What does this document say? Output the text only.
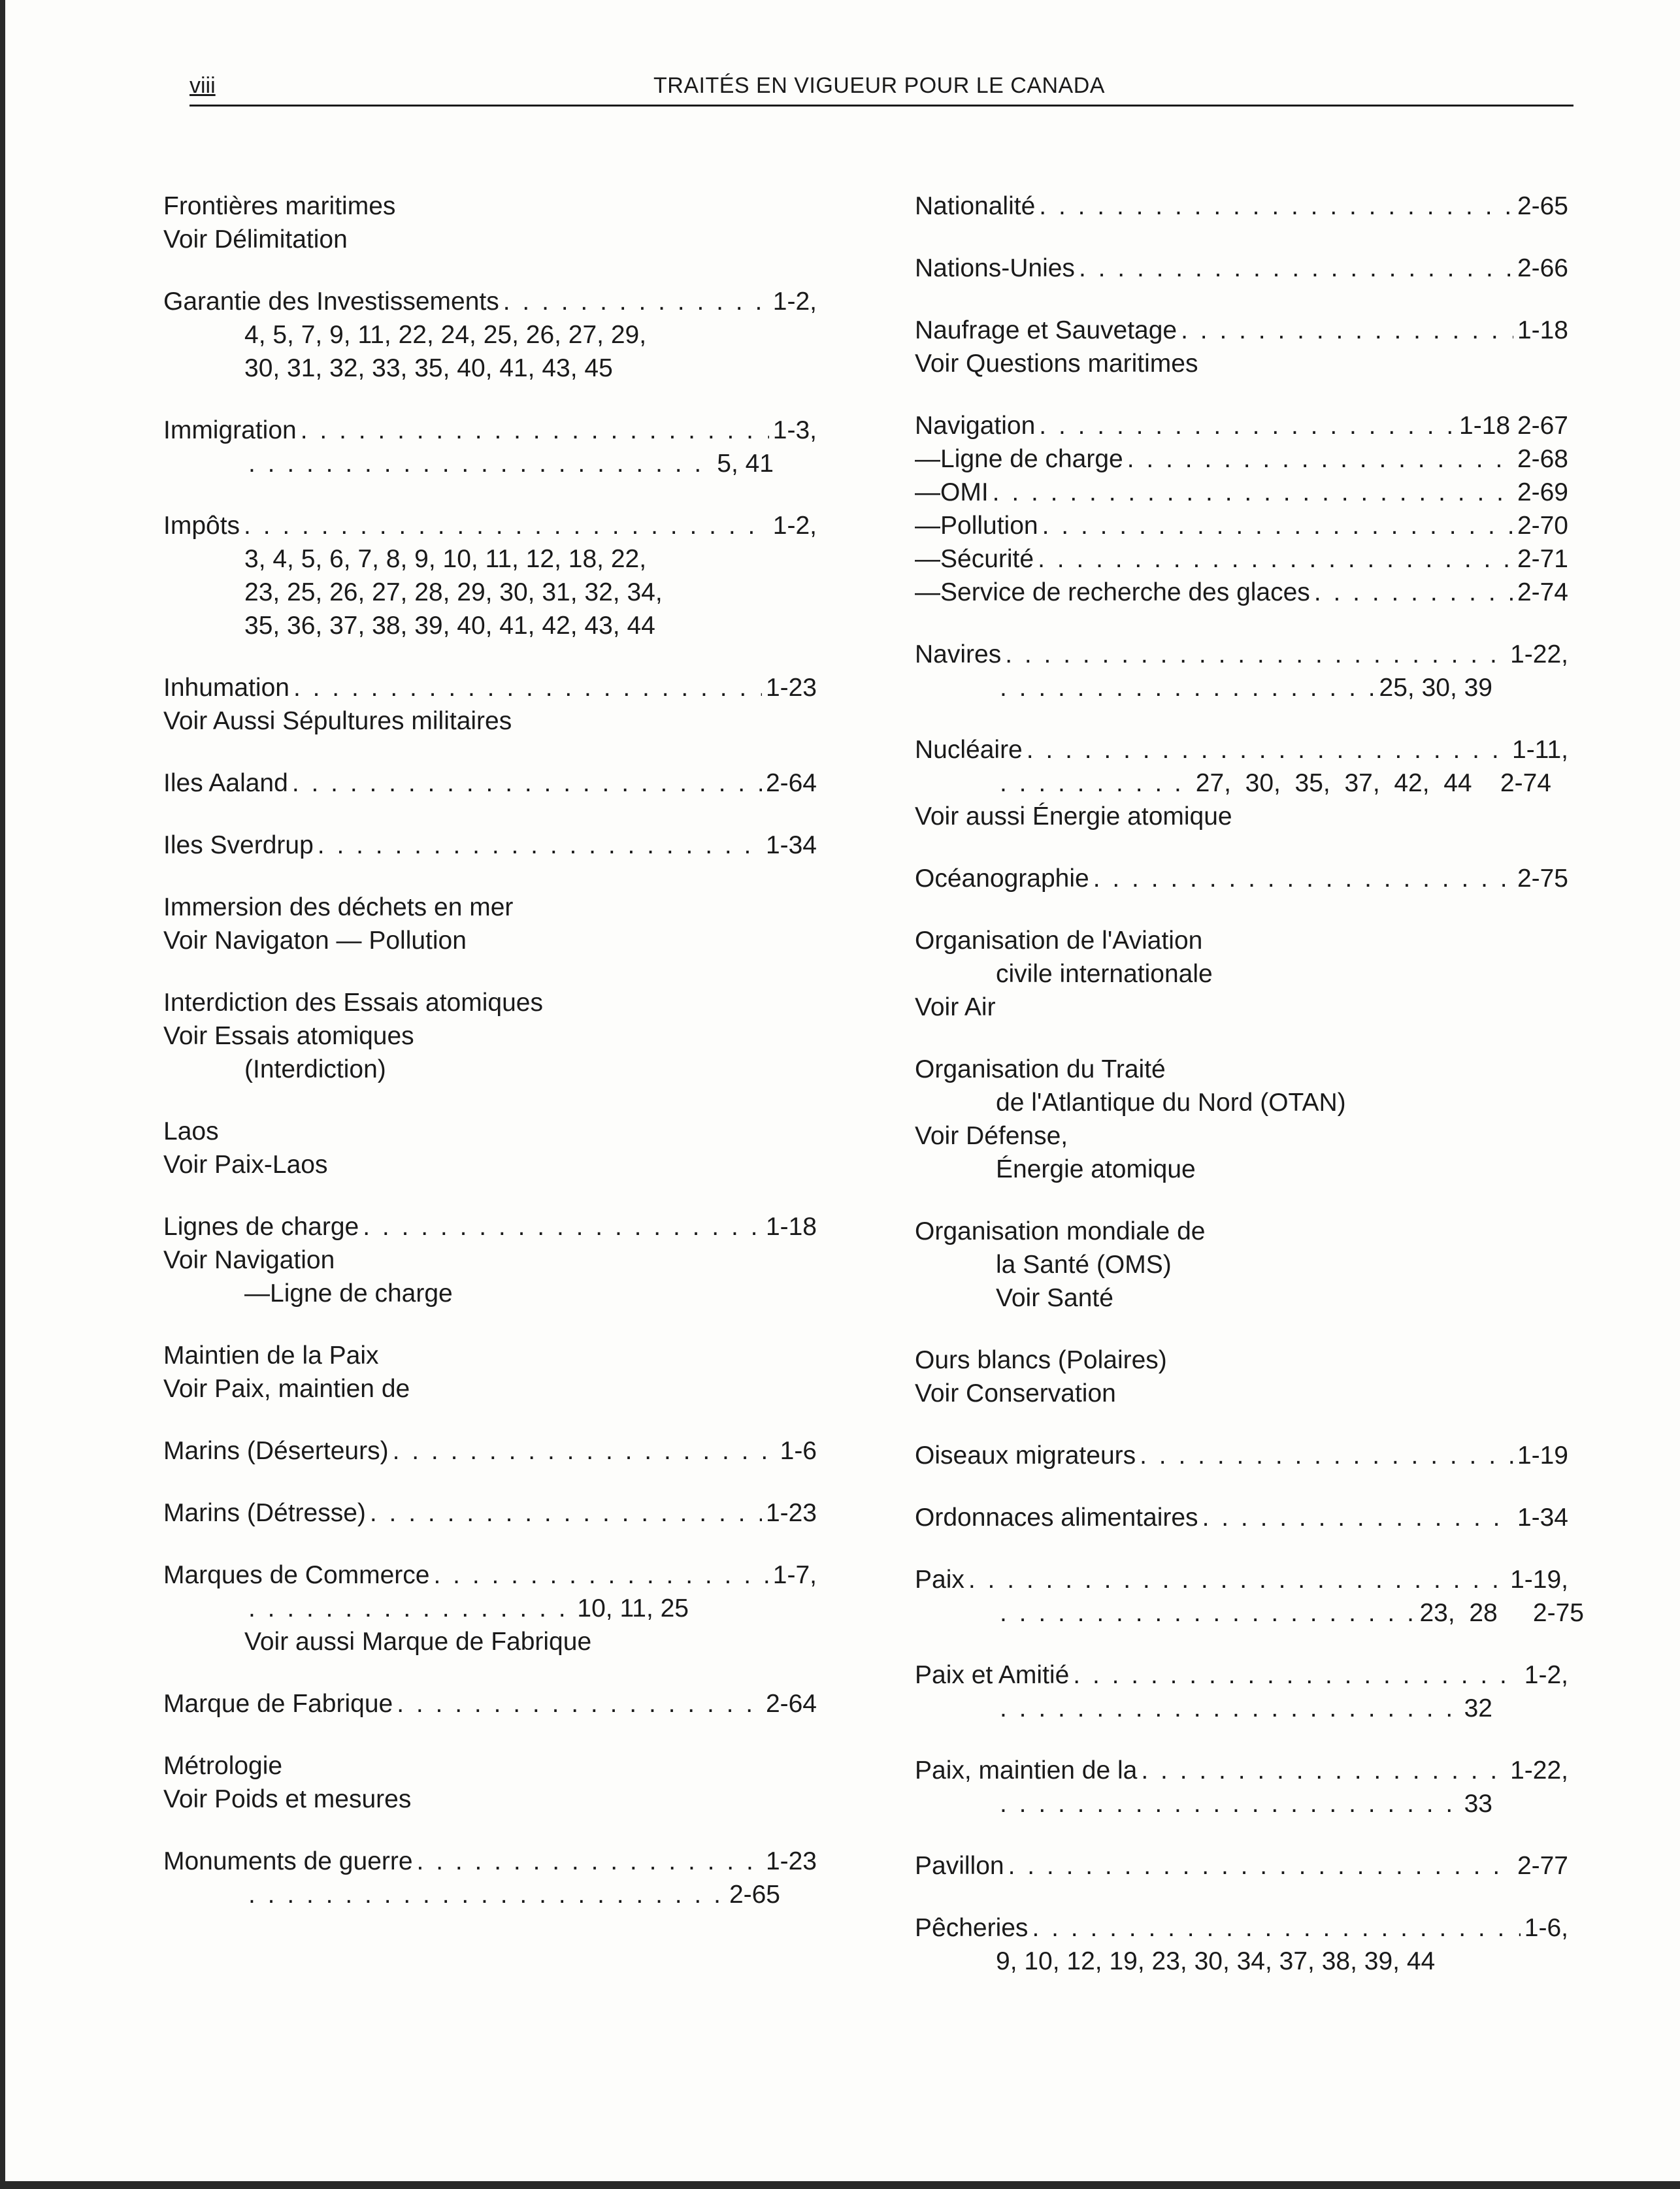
viii	TRAITÉS EN VIGUEUR POUR LE CANADA
Frontières maritimes
Voir Délimitation
Garantie des Investissements . . .	1-2,
4, 5, 7, 9, 11, 22, 24, 25, 26, 27, 29,
30, 31, 32, 33, 35, 40, 41, 43, 45
Immigration . . .	1-3,
. . .
5, 41
Impôts . . .	1-2,
3, 4, 5, 6, 7, 8, 9, 10, 11, 12, 18, 22,
23, 25, 26, 27, 28, 29, 30, 31, 32, 34,
35, 36, 37, 38, 39, 40, 41, 42, 43, 44
Inhumation . . .	1-23
Voir Aussi Sépultures militaires
Iles Aaland . . .	2-64
Iles Sverdrup . . .	1-34
Immersion des déchets en mer
Voir Navigaton — Pollution
Interdiction des Essais atomiques
Voir Essais atomiques
(Interdiction)
Laos
Voir Paix-Laos
Lignes de charge . . .	1-18
Voir Navigation
—Ligne de charge
Maintien de la Paix
Voir Paix, maintien de
Marins (Déserteurs) . . .	1-6
Marins (Détresse) . . .	1-23
Marques de Commerce . . .	1-7,
. . .
10, 11, 25
Voir aussi Marque de Fabrique
Marque de Fabrique . . .	2-64
Métrologie
Voir Poids et mesures
Monuments de guerre . . .	1-23
. . .
2-65
Nationalité . . .	2-65
Nations-Unies . . .	2-66
Naufrage et Sauvetage . . .	1-18
Voir Questions maritimes
Navigation . . .	1-18 2-67
—Ligne de charge . . .	2-68
—OMI . . .	2-69
—Pollution . . .	2-70
—Sécurité . . .	2-71
—Service de recherche des glaces . . .	2-74
Navires . . .	1-22,
. . .
25, 30, 39
Nucléaire . . .	1-11,
. . .
27,  30,  35,  37,  42,  44    2-74
Voir aussi Énergie atomique
Océanographie . . .	2-75
Organisation de l'Aviation
civile internationale
Voir Air
Organisation du Traité
de l'Atlantique du Nord (OTAN)
Voir Défense,
Énergie atomique
Organisation mondiale de
la Santé (OMS)
Voir Santé
Ours blancs (Polaires)
Voir Conservation
Oiseaux migrateurs . . .	1-19
Ordonnaces alimentaires . . .	1-34
Paix . . .	1-19,
. . .
23,  28     2-75
Paix et Amitié . . .	1-2,
. . .
32
Paix, maintien de la . . .	1-22,
. . .
33
Pavillon . . .	2-77
Pêcheries . . .	1-6,
9, 10, 12, 19, 23, 30, 34, 37, 38, 39, 44
